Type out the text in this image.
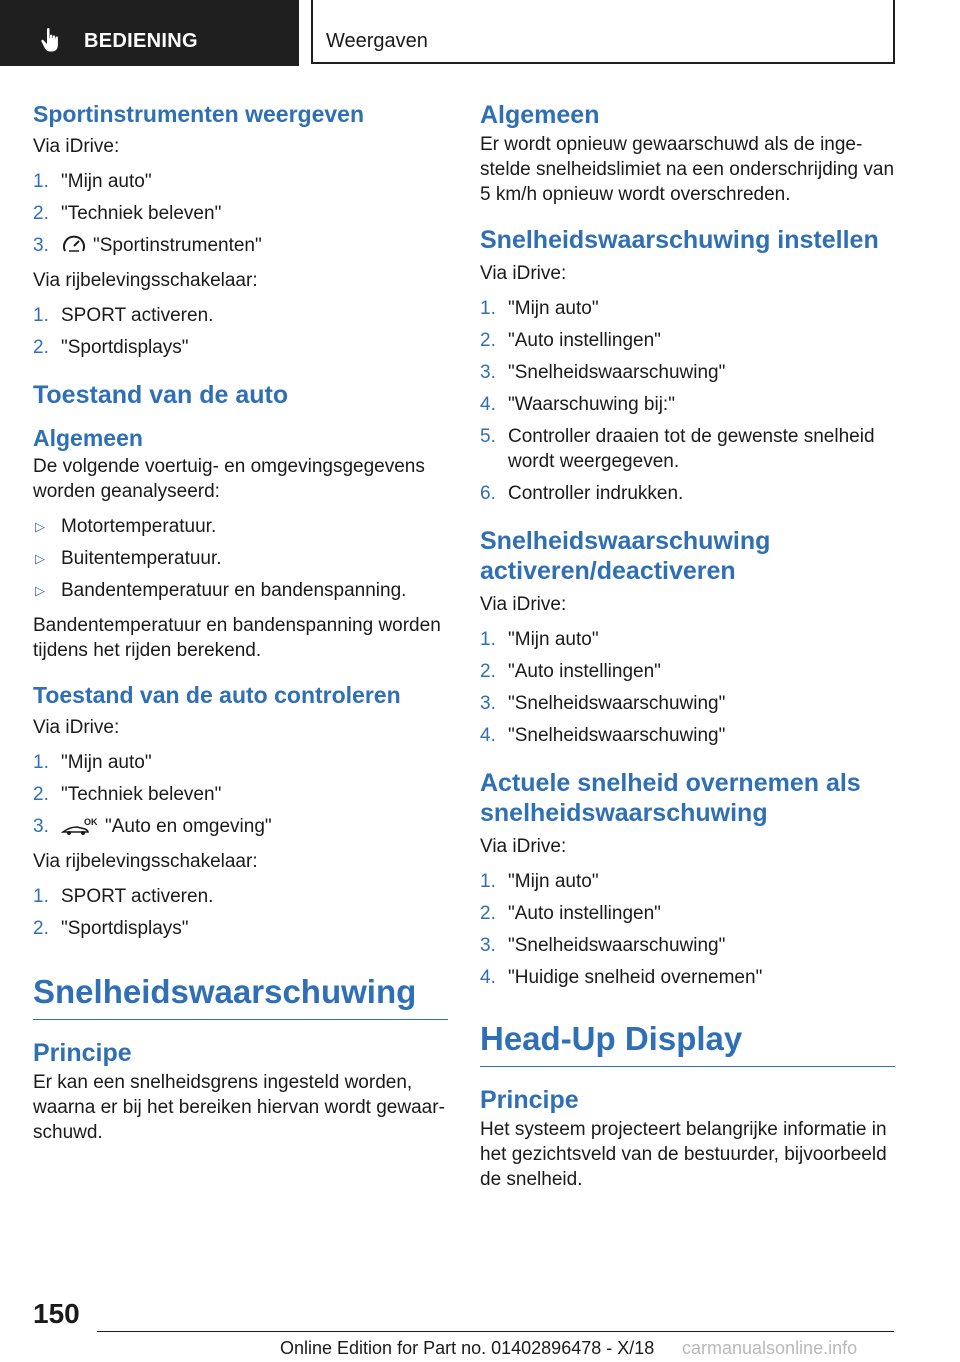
BEDIENING	Weergaven
Sportinstrumenten weergeven

Via iDrive:

1. "Mijn auto"
2. "Techniek beleven"
3. "Sportinstrumenten"

Via rijbelevingsschakelaar:

1. SPORT activeren.
2. "Sportdisplays"
Toestand van de auto
Algemeen

De volgende voertuig- en omgevingsgegevens worden geanalyseerd:

▷ Motortemperatuur.
▷ Buitentemperatuur.
▷ Bandentemperatuur en bandenspanning.

Bandentemperatuur en bandenspanning worden tijdens het rijden berekend.

Toestand van de auto controleren

Via iDrive:

1. "Mijn auto"
2. "Techniek beleven"
3.	OK "Auto en omgeving"

Via rijbelevingsschakelaar:

1. SPORT activeren.
2. "Sportdisplays"
Snelheidswaarschuwing
Principe

Er kan een snelheidsgrens ingesteld worden, waarna er bij het bereiken hiervan wordt gewaarschuwd.

Algemeen

Er wordt opnieuw gewaarschuwd als de ingestelde snelheidslimiet na een onderschrijding van 5 km/h opnieuw wordt overschreden.

Snelheidswaarschuwing instellen

Via iDrive:

1. "Mijn auto"
2. "Auto instellingen"
3. "Snelheidswaarschuwing"
4. "Waarschuwing bij:"
5. Controller draaien tot de gewenste snelheid wordt weergegeven.
6. Controller indrukken.
Snelheidswaarschuwing activeren/deactiveren

Via iDrive:

1. "Mijn auto"
2. "Auto instellingen"
3. "Snelheidswaarschuwing"
4. "Snelheidswaarschuwing"
Actuele snelheid overnemen als snelheidswaarschuwing

Via iDrive:

1. "Mijn auto"
2. "Auto instellingen"
3. "Snelheidswaarschuwing"
4. "Huidige snelheid overnemen"
Head-Up Display
Principe

Het systeem projecteert belangrijke informatie in het gezichtsveld van de bestuurder, bijvoorbeeld de snelheid.

150
Online Edition for Part no. 01402896478 - X/18 carmanualsonline.info
